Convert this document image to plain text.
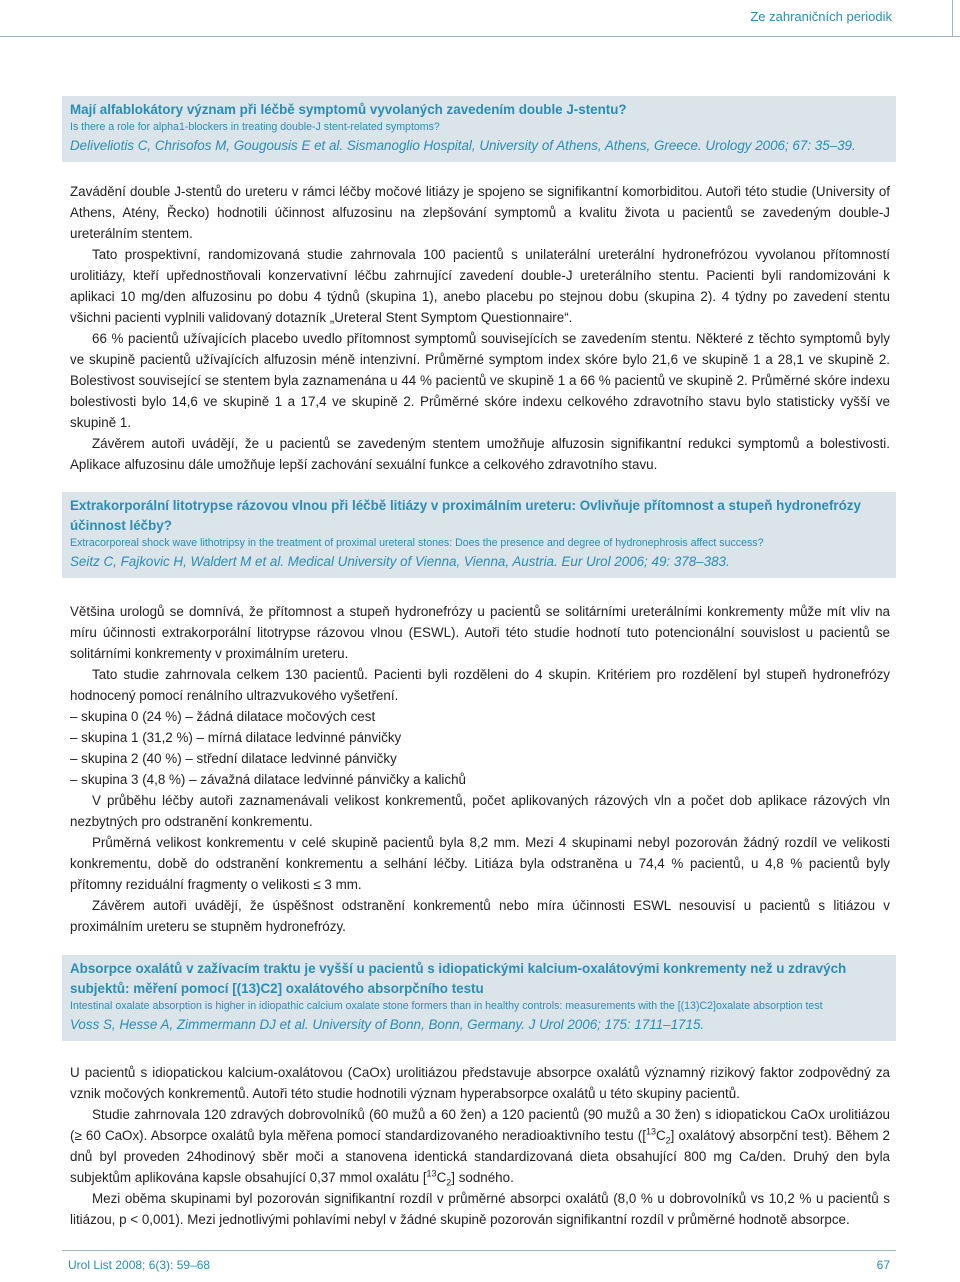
Ze zahraničních periodik
Mají alfablokátory význam při léčbě symptomů vyvolaných zavedením double J-stentu?
Is there a role for alpha1-blockers in treating double-J stent-related symptoms?
Deliveliotis C, Chrisofos M, Gougousis E et al. Sismanoglio Hospital, University of Athens, Athens, Greece. Urology 2006; 67: 35–39.

Zavádění double J-stentů do ureteru v rámci léčby močové litiázy je spojeno se signifikantní komorbiditou. Autoři této studie (University of Athens, Atény, Řecko) hodnotili účinnost alfuzosinu na zlepšování symptomů a kvalitu života u pacientů se zavedeným double-J ureterálním stentem.

Tato prospektivní, randomizovaná studie zahrnovala 100 pacientů s unilaterální ureterální hydronefrózou vyvolanou přítomností urolitiázy, kteří upřednostňovali konzervativní léčbu zahrnující zavedení double-J ureterálního stentu. Pacienti byli randomizováni k aplikaci 10 mg/den alfuzosinu po dobu 4 týdnů (skupina 1), anebo placebu po stejnou dobu (skupina 2). 4 týdny po zavedení stentu všichni pacienti vyplnili validovaný dotazník „Ureteral Stent Symptom Questionnaire“.

66 % pacientů užívajících placebo uvedlo přítomnost symptomů souvisejících se zavedením stentu. Některé z těchto symptomů byly ve skupině pacientů užívajících alfuzosin méně intenzivní. Průměrné symptom index skóre bylo 21,6 ve skupině 1 a 28,1 ve skupině 2. Bolestivost související se stentem byla zaznamenána u 44 % pacientů ve skupině 1 a 66 % pacientů ve skupině 2. Průměrné skóre indexu bolestivosti bylo 14,6 ve skupině 1 a 17,4 ve skupině 2. Průměrné skóre indexu celkového zdravotního stavu bylo statisticky vyšší ve skupině 1.

Závěrem autoři uvádějí, že u pacientů se zavedeným stentem umožňuje alfuzosin signifikantní redukci symptomů a bolestivosti. Aplikace alfuzosinu dále umožňuje lepší zachování sexuální funkce a celkového zdravotního stavu.

Extrakorporální litotrypse rázovou vlnou při léčbě litiázy v proximálním ureteru: Ovlivňuje přítomnost a stupeň hydronefrózy účinnost léčby?
Extracorporeal shock wave lithotripsy in the treatment of proximal ureteral stones: Does the presence and degree of hydronephrosis affect success?
Seitz C, Fajkovic H, Waldert M et al. Medical University of Vienna, Vienna, Austria. Eur Urol 2006; 49: 378–383.

Většina urologů se domnívá, že přítomnost a stupeň hydronefrózy u pacientů se solitárními ureterálními konkrementy může mít vliv na míru účinnosti extrakorporální litotrypse rázovou vlnou (ESWL). Autoři této studie hodnotí tuto potencionální souvislost u pacientů se solitárními konkrementy v proximálním ureteru.

Tato studie zahrnovala celkem 130 pacientů. Pacienti byli rozděleni do 4 skupin. Kritériem pro rozdělení byl stupeň hydronefrózy hodnocený pomocí renálního ultrazvukového vyšetření.

– skupina 0 (24 %) – žádná dilatace močových cest

– skupina 1 (31,2 %) – mírná dilatace ledvinné pánvičky

– skupina 2 (40 %) – střední dilatace ledvinné pánvičky

– skupina 3 (4,8 %) – závažná dilatace ledvinné pánvičky a kalichů

V průběhu léčby autoři zaznamenávali velikost konkrementů, počet aplikovaných rázových vln a počet dob aplikace rázových vln nezbytných pro odstranění konkrementu.

Průměrná velikost konkrementu v celé skupině pacientů byla 8,2 mm. Mezi 4 skupinami nebyl pozorován žádný rozdíl ve velikosti konkrementu, době do odstranění konkrementu a selhání léčby. Litiáza byla odstraněna u 74,4 % pacientů, u 4,8 % pacientů byly přítomny reziduální fragmenty o velikosti ≤ 3 mm.

Závěrem autoři uvádějí, že úspěšnost odstranění konkrementů nebo míra účinnosti ESWL nesouvisí u pacientů s litiázou v proximálním ureteru se stupněm hydronefrózy.

Absorpce oxalátů v zažívacím traktu je vyšší u pacientů s idiopatickými kalcium-oxalátovými konkrementy než u zdravých subjektů: měření pomocí [(13)C2] oxalátového absorpčního testu
Intestinal oxalate absorption is higher in idiopathic calcium oxalate stone formers than in healthy controls: measurements with the [(13)C2]oxalate absorption test
Voss S, Hesse A, Zimmermann DJ et al. University of Bonn, Bonn, Germany. J Urol 2006; 175: 1711–1715.

U pacientů s idiopatickou kalcium-oxalátovou (CaOx) urolitiázou představuje absorpce oxalátů významný rizikový faktor zodpovědný za vznik močových konkrementů. Autoři této studie hodnotili význam hyperabsorpce oxalátů u této skupiny pacientů.

Studie zahrnovala 120 zdravých dobrovolníků (60 mužů a 60 žen) a 120 pacientů (90 mužů a 30 žen) s idiopatickou CaOx urolitiázou (≥ 60 CaOx). Absorpce oxalátů byla měřena pomocí standardizovaného neradioaktivního testu ($[^{13}C_2]$ oxalátový absorpční test). Během 2 dnů byl proveden 24hodinový sběr moči a stanovena identická standardizovaná dieta obsahující 800 mg Ca/den. Druhý den byla subjektům aplikována kapsle obsahující 0,37 mmol oxalátu $[^{13}C_2]$ sodného.

Mezi oběma skupinami byl pozorován signifikantní rozdíl v průměrné absorpci oxalátů (8,0 % u dobrovolníků vs 10,2 % u pacientů s litiázou, p < 0,001). Mezi jednotlivými pohlavími nebyl v žádné skupině pozorován signifikantní rozdíl v průměrné hodnotě absorpce.

Urol List 2008; 6(3): 59–68	67
